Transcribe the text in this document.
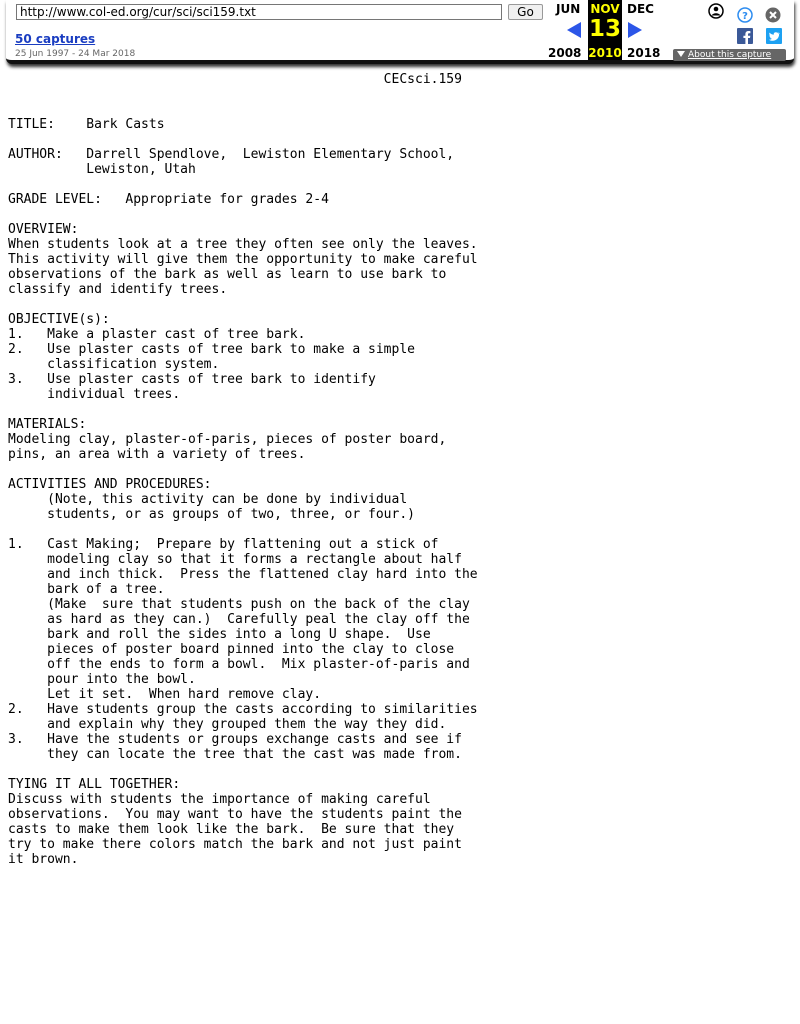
http://www.col-ed.org/cur/sci/sci159.txt
Go
50 captures
25 Jun 1997 - 24 Mar 2018
JUN
2008
NOV
13
2010
DEC
2018
?
About this capture
CECsci.159

TITLE:    Bark Casts

AUTHOR:   Darrell Spendlove,  Lewiston Elementary School,
Lewiston, Utah

GRADE LEVEL:   Appropriate for grades 2-4

OVERVIEW:
When students look at a tree they often see only the leaves.
This activity will give them the opportunity to make careful
observations of the bark as well as learn to use bark to
classify and identify trees.

OBJECTIVE(s):
1.   Make a plaster cast of tree bark.
2.   Use plaster casts of tree bark to make a simple
classification system.
3.   Use plaster casts of tree bark to identify
individual trees.

MATERIALS:
Modeling clay, plaster-of-paris, pieces of poster board,
pins, an area with a variety of trees.

ACTIVITIES AND PROCEDURES:
(Note, this activity can be done by individual
students, or as groups of two, three, or four.)

1.   Cast Making;  Prepare by flattening out a stick of
modeling clay so that it forms a rectangle about half
and inch thick.  Press the flattened clay hard into the
bark of a tree.
(Make  sure that students push on the back of the clay
as hard as they can.)  Carefully peal the clay off the
bark and roll the sides into a long U shape.  Use
pieces of poster board pinned into the clay to close
off the ends to form a bowl.  Mix plaster-of-paris and
pour into the bowl.
Let it set.  When hard remove clay.
2.   Have students group the casts according to similarities
and explain why they grouped them the way they did.
3.   Have the students or groups exchange casts and see if
they can locate the tree that the cast was made from.

TYING IT ALL TOGETHER:
Discuss with students the importance of making careful
observations.  You may want to have the students paint the
casts to make them look like the bark.  Be sure that they
try to make there colors match the bark and not just paint
it brown.
